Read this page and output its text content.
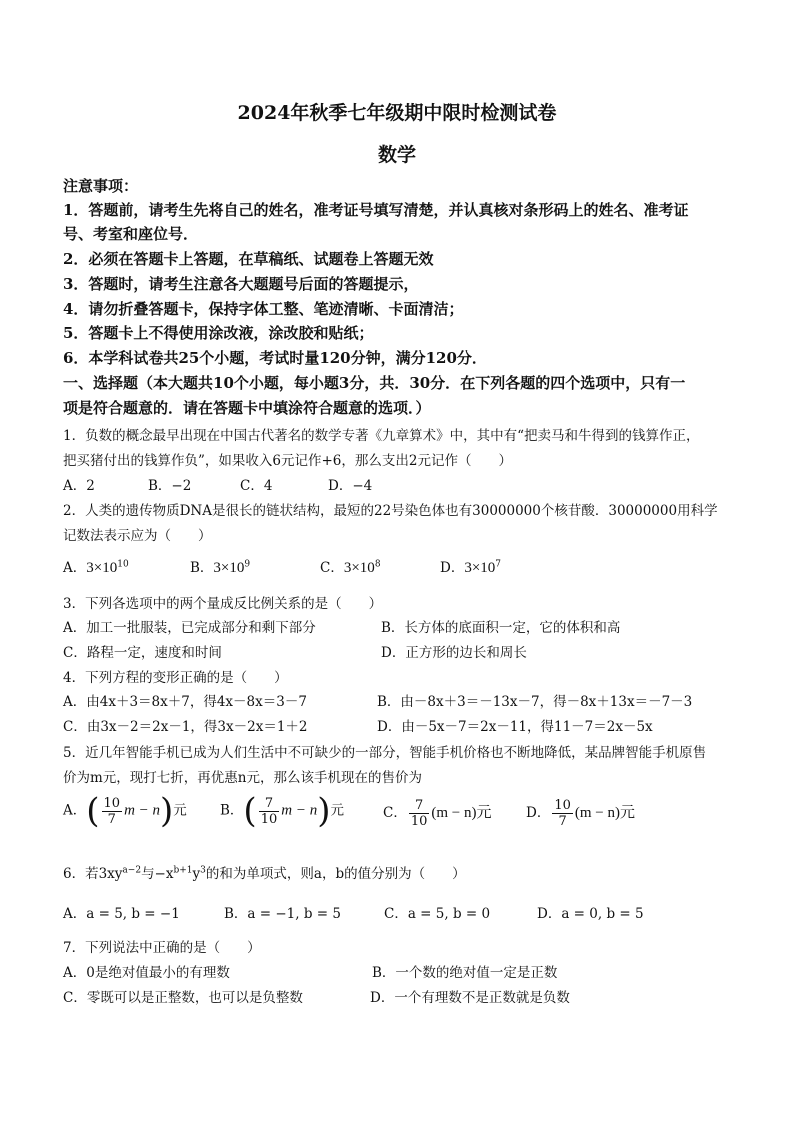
2024年秋季七年级期中限时检测试卷
数学
注意事项：
1．答题前，请考生先将自己的姓名，准考证号填写清楚，并认真核对条形码上的姓名、准考证
号、考室和座位号．
2．必须在答题卡上答题，在草稿纸、试题卷上答题无效
3．答题时，请考生注意各大题题号后面的答题提示，
4．请勿折叠答题卡，保持字体工整、笔迹清晰、卡面清洁；
5．答题卡上不得使用涂改液，涂改胶和贴纸；
6．本学科试卷共25个小题，考试时量120分钟，满分120分．
一、选择题（本大题共10个小题，每小题3分，共．30分．在下列各题的四个选项中，只有一
项是符合题意的．请在答题卡中填涂符合题意的选项．）
1．负数的概念最早出现在中国古代著名的数学专著《九章算术》中，其中有“把卖马和牛得到的钱算作正，
把买猪付出的钱算作负”，如果收入6元记作+6，那么支出2元记作（　　）
A．2	B．−2	C．4	D．−4
2．人类的遗传物质DNA是很长的链状结构，最短的22号染色体也有30000000个核苷酸．30000000用科学
记数法表示应为（　　）
A．$3\times 10^{10}$	B．$3\times 10^9$	C．$3\times 10^8$	D．$3\times 10^7$
3．下列各选项中的两个量成反比例关系的是（　　）
A．加工一批服装，已完成部分和剩下部分	B．长方体的底面积一定，它的体积和高
C．路程一定，速度和时间	D．正方形的边长和周长
4．下列方程的变形正确的是（　　）
A．由4x＋3＝8x＋7，得4x－8x＝3－7	B．由－8x＋3＝－13x－7，得－8x＋13x＝－7－3
C．由3x－2＝2x－1，得3x－2x＝1＋2	D．由－5x－7＝2x－11，得11－7＝2x－5x
5．近几年智能手机已成为人们生活中不可缺少的一部分，智能手机价格也不断地降低，某品牌智能手机原售
价为m元，现打七折，再优惠n元，那么该手机现在的售价为
A．( $\frac{10}{7}$ m − n)元 B．( $\frac{7}{10}$ m − n)元	C． $\frac{7}{10} (m - n)$元	D． $\frac{10}{7} (m - n)$元
6．若$3xy^{a-2}$与$-x^{b+1}y^3$的和为单项式，则a，b的值分别为（　　）
A．a = 5, b = −1	B．a = −1, b = 5	C．a = 5, b = 0	D．a = 0, b = 5
7．下列说法中正确的是（　　）
A．0是绝对值最小的有理数	B．一个数的绝对值一定是正数
C．零既可以是正整数，也可以是负整数	D．一个有理数不是正数就是负数
